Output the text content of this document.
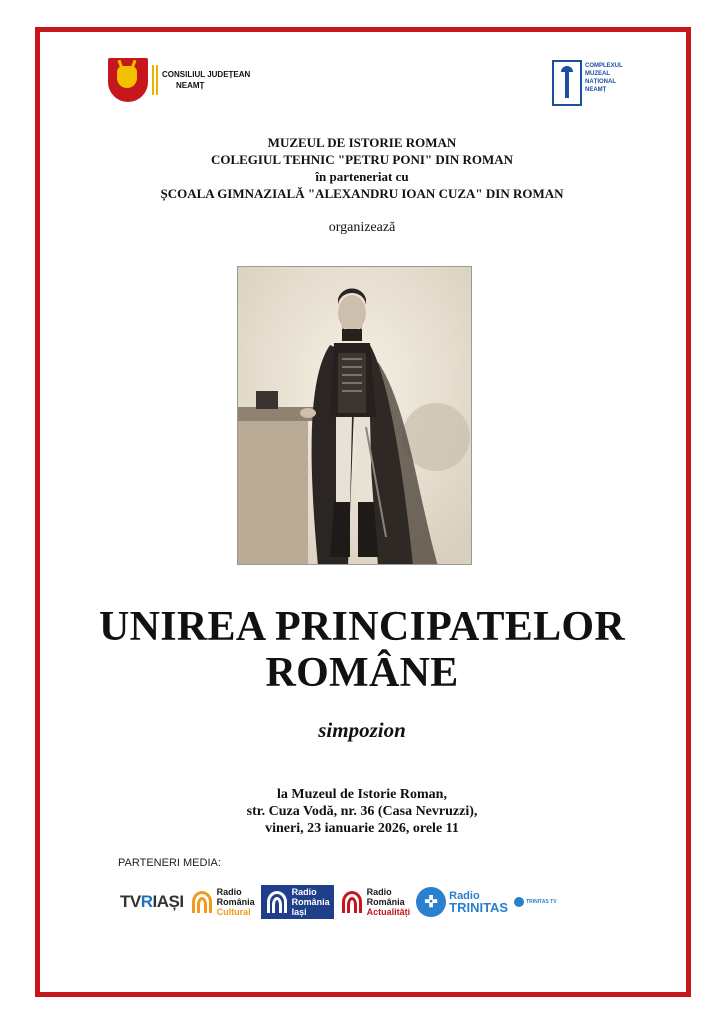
CONSILIUL JUDEȚEAN
NEAMȚ
COMPLEXUL
MUZEAL
NAȚIONAL
NEAMȚ
MUZEUL DE ISTORIE ROMAN
COLEGIUL TEHNIC "PETRU PONI" DIN ROMAN
în parteneriat cu
ȘCOALA GIMNAZIALĂ "ALEXANDRU IOAN CUZA" DIN ROMAN
organizează
UNIREA PRINCIPATELOR
ROMÂNE
simpozion
la Muzeul de Istorie Roman,
str. Cuza Vodă, nr. 36 (Casa Nevruzzi),
vineri, 23 ianuarie 2026, orele 11
PARTENERI MEDIA:
TV R IAȘI	Radio
România
Cultural
Radio
România
Iași
Radio
România
Actualități
✜	Radio
TRINITAS	TRINITAS TV
